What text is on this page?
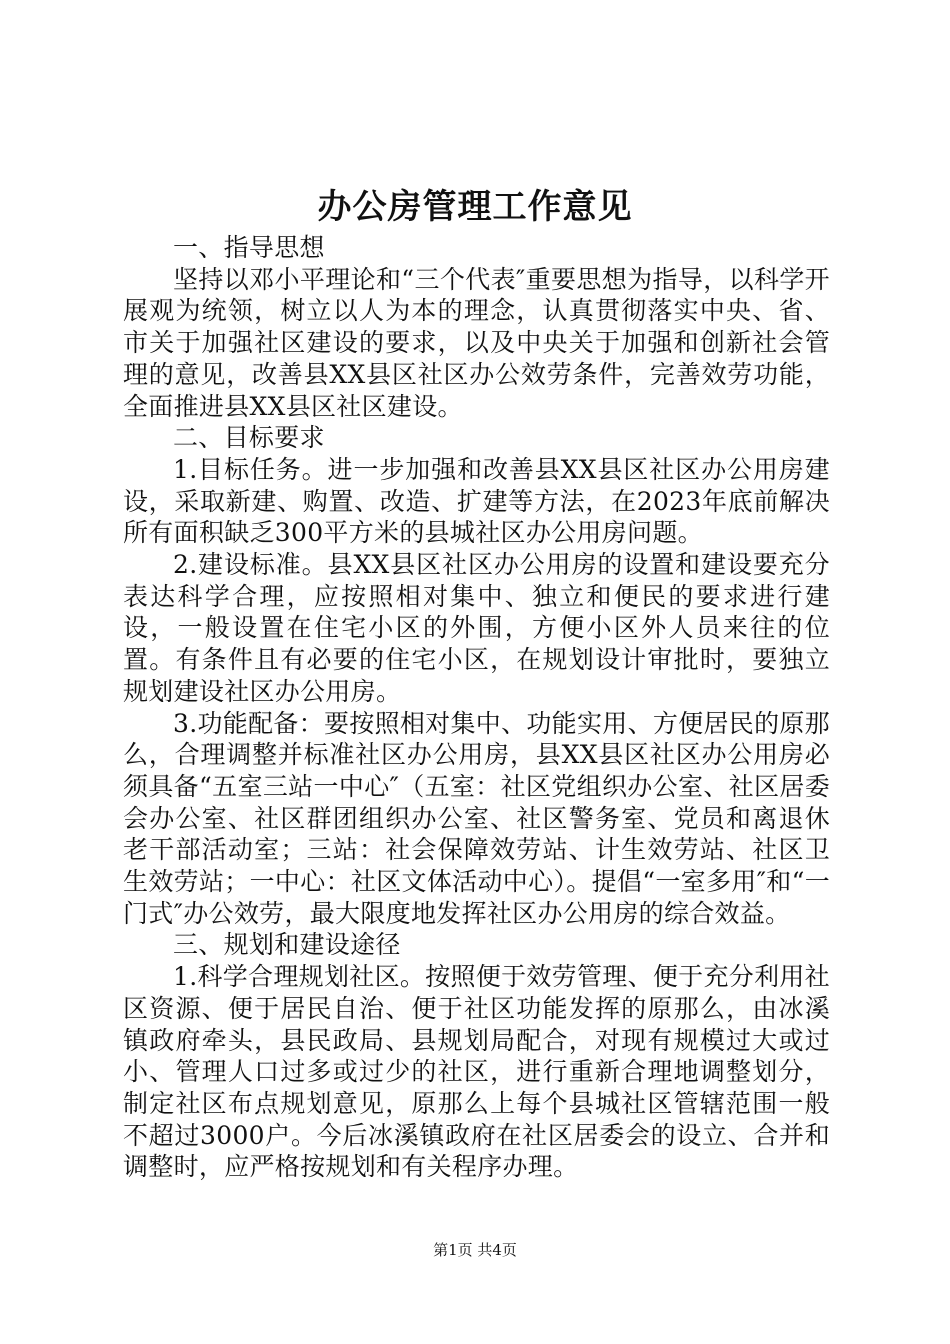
办公房管理工作意见

一、指导思想

坚持以邓小平理论和“三个代表″重要思想为指导，以科学开展观为统领，树立以人为本的理念，认真贯彻落实中央、省、市关于加强社区建设的要求，以及中央关于加强和创新社会管理的意见，改善县XX县区社区办公效劳条件，完善效劳功能，全面推进县XX县区社区建设。

二、目标要求

1.目标任务。进一步加强和改善县XX县区社区办公用房建设，采取新建、购置、改造、扩建等方法，在2023年底前解决所有面积缺乏300平方米的县城社区办公用房问题。

2.建设标准。县XX县区社区办公用房的设置和建设要充分表达科学合理，应按照相对集中、独立和便民的要求进行建设，一般设置在住宅小区的外围，方便小区外人员来往的位置。有条件且有必要的住宅小区，在规划设计审批时，要独立规划建设社区办公用房。

3.功能配备：要按照相对集中、功能实用、方便居民的原那么，合理调整并标准社区办公用房，县XX县区社区办公用房必须具备“五室三站一中心″（五室：社区党组织办公室、社区居委会办公室、社区群团组织办公室、社区警务室、党员和离退休老干部活动室；三站：社会保障效劳站、计生效劳站、社区卫生效劳站；一中心：社区文体活动中心）。提倡“一室多用″和“一门式″办公效劳，最大限度地发挥社区办公用房的综合效益。

三、规划和建设途径

1.科学合理规划社区。按照便于效劳管理、便于充分利用社区资源、便于居民自治、便于社区功能发挥的原那么，由冰溪镇政府牵头，县民政局、县规划局配合，对现有规模过大或过小、管理人口过多或过少的社区，进行重新合理地调整划分，制定社区布点规划意见，原那么上每个县城社区管辖范围一般不超过3000户。今后冰溪镇政府在社区居委会的设立、合并和调整时，应严格按规划和有关程序办理。

第1页 共4页
